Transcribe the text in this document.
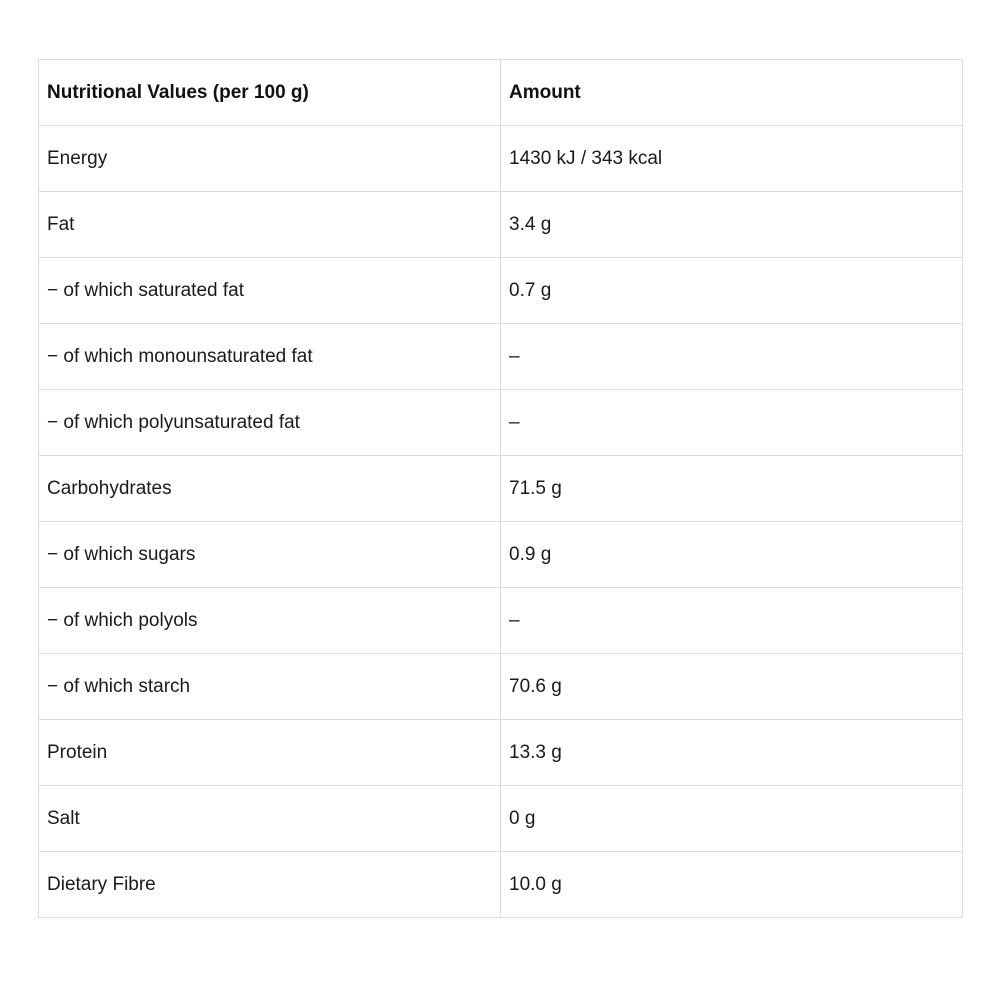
Nutritional Values (per 100 g)	Amount
Energy	1430 kJ / 343 kcal
Fat	3.4 g
− of which saturated fat	0.7 g
− of which monounsaturated fat	–
− of which polyunsaturated fat	–
Carbohydrates	71.5 g
− of which sugars	0.9 g
− of which polyols	–
− of which starch	70.6 g
Protein	13.3 g
Salt	0 g
Dietary Fibre	10.0 g
